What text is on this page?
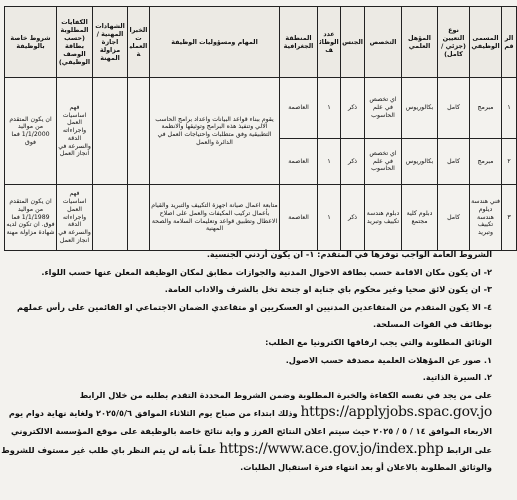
الرقم	المسمى الوظيفي	نوع التعيين (جزئي / كامل)	المؤهل العلمي	التخصص	الجنس	عدد الوظائف	المنطقة الجغرافية	المهام ومسؤوليات الوظيفة	الخبرات العملية	الشهادات المهنية / اجازة مزاولة المهنة	الكفايات المطلوبة (حسب بطاقة الوصف الوظيفي)	شروط خاصة بالوظيفة
١	مبرمج	كامل	بكالوريوس	اي تخصص في علم الحاسوب	ذكر	١	العاصمة	يقوم ببناء قواعد البيانات واعداد برامج الحاسب الالي وتنفيذ هذه البرامج وتوثيقها والانظمة التطبيقية وفق متطلبات واحتياجات العمل في الدائرة والعمل			فهم اساسيات العمل واجراءاته الدقة والسرعة في انجاز العمل	ان يكون المتقدم من مواليد 1/1/2000 فما فوق
٢	مبرمج	كامل	بكالوريوس	اي تخصص في علم الحاسوب	ذكر	١	العاصمة					
٣	فني هندسة ديلوم هندسة تكييف وتبريد	كامل	دبلوم كلية مجتمع	دبلوم هندسة تكييف وتبريد	ذكر	١	العاصمة	متابعة اعمال صيانة اجهزة التكييف والتبريد والقيام بأعمال تركيب المكيفات والعمل على اصلاح الاعطال وتطبيق قواعد وتعليمات السلامة والصحة المهنية			فهم اساسيات العمل واجراءاته الدقة والسرعة في انجاز العمل	ان يكون المتقدم من مواليد 1/1/1989 فما فوق. ان تكون لديه شهادة مزاولة مهنة

الشروط العامة الواجب توفرها في المتقدم: ١- ان يكون أردني الجنسية.

٢- ان يكون مكان الاقامة حسب بطاقة الاحوال المدنية والجوازات مطابق لمكان الوظيفة المعلن عنها حسب اللواء.

٣- ان يكون لائق صحيا وغير محكوم باي جناية او جنحة تخل بالشرف والاداب العامة.

٤- الا يكون المتقدم من المتقاعدين المدنيين او العسكريين او متقاعدي الضمان الاجتماعي او القائمين على رأس عملهم

بوظائف في القوات المسلحة.

الوثائق المطلوبة والتي يجب ارفاقها الكترونيا مع الطلب:

١. صور عن المؤهلات العلمية مصدقة حسب الاصول.

٢. السيرة الذاتية.

على من يجد في نفسه الكفاءة والخبرة المطلوبة وضمن الشروط المحددة التقدم بطلبه من خلال الرابط

https://applyjobs.spac.gov.jo وذلك ابتداء من صباح يوم الثلاثاء الموافق ٢٠٢٥/٥/٦ ولغاية نهاية دوام يوم

الاربعاء الموافق ١٤ / ٥ / ٢٠٢٥ حيث سيتم اعلان النتائج الفرز و واية نتائج خاصة بالوظيفة على موقع المؤسسة الالكتروني

على الرابط https://www.ace.gov.jo/index.php علماً بأنه لن يتم النظر باي طلب غير مستوف للشروط

والوثائق المطلوبة بالاعلان أو بعد انتهاء فترة استقبال الطلبات.
